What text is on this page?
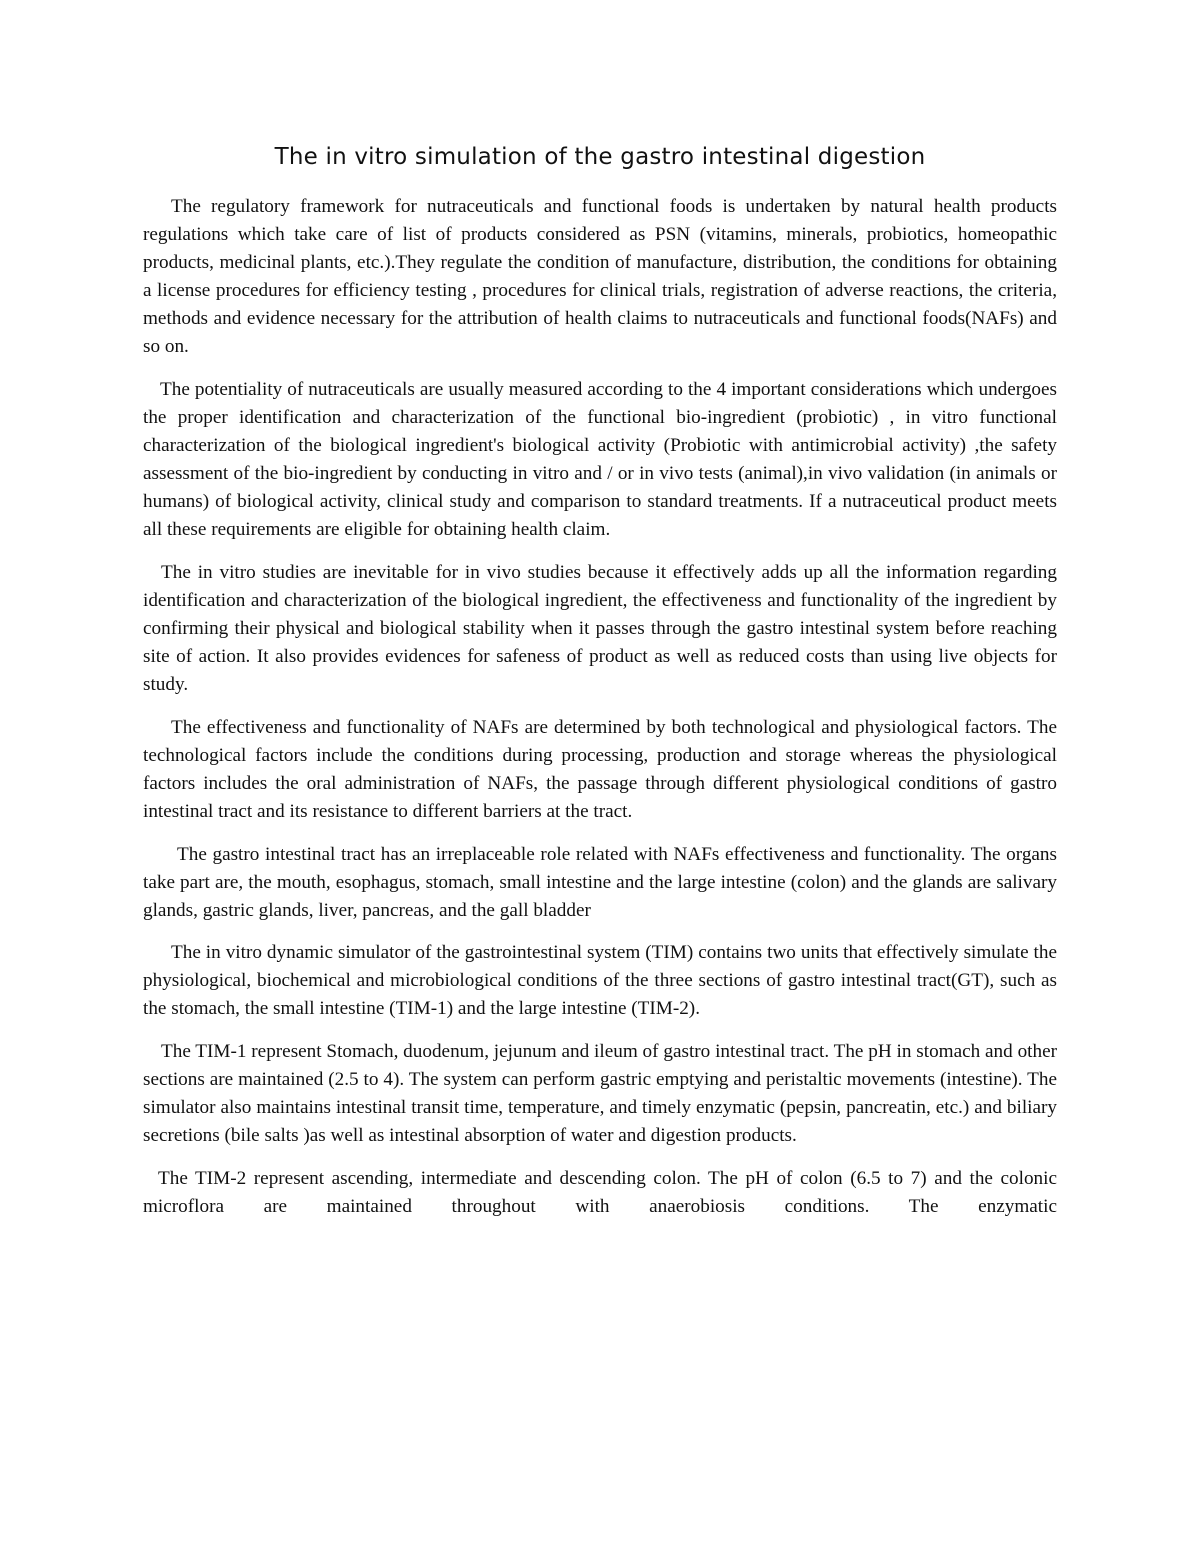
The in vitro simulation of the gastro intestinal digestion

The regulatory framework for nutraceuticals and functional foods is undertaken by natural health products regulations which take care of list of products considered as PSN (vitamins, minerals, probiotics, homeopathic products, medicinal plants, etc.).They regulate the condition of manufacture, distribution, the conditions for obtaining a license procedures for efficiency testing , procedures for clinical trials, registration of adverse reactions, the criteria, methods and evidence necessary for the attribution of health claims to nutraceuticals and functional foods(NAFs) and so on.

The potentiality of nutraceuticals are usually measured according to the 4 important considerations which undergoes the proper identification and characterization of the functional bio-ingredient (probiotic) , in vitro functional characterization of the biological ingredient's biological activity (Probiotic with antimicrobial activity) ,the safety assessment of the bio-ingredient by conducting in vitro and / or in vivo tests (animal),in vivo validation (in animals or humans) of biological activity, clinical study and comparison to standard treatments. If a nutraceutical product meets all these requirements are eligible for obtaining health claim.

The in vitro studies are inevitable for in vivo studies because it effectively adds up all the information regarding identification and characterization of the biological ingredient, the effectiveness and functionality of the ingredient by confirming their physical and biological stability when it passes through the gastro intestinal system before reaching site of action. It also provides evidences for safeness of product as well as reduced costs than using live objects for study.

The effectiveness and functionality of NAFs are determined by both technological and physiological factors. The technological factors include the conditions during processing, production and storage whereas the physiological factors includes the oral administration of NAFs, the passage through different physiological conditions of gastro intestinal tract and its resistance to different barriers at the tract.

The gastro intestinal tract has an irreplaceable role related with NAFs effectiveness and functionality. The organs take part are, the mouth, esophagus, stomach, small intestine and the large intestine (colon) and the glands are salivary glands, gastric glands, liver, pancreas, and the gall bladder

The in vitro dynamic simulator of the gastrointestinal system (TIM) contains two units that effectively simulate the physiological, biochemical and microbiological conditions of the three sections of gastro intestinal tract(GT), such as the stomach, the small intestine (TIM-1) and the large intestine (TIM-2).

The TIM-1 represent Stomach, duodenum, jejunum and ileum of gastro intestinal tract. The pH in stomach and other sections are maintained (2.5 to 4). The system can perform gastric emptying and peristaltic movements (intestine). The simulator also maintains intestinal transit time, temperature, and timely enzymatic (pepsin, pancreatin, etc.) and biliary secretions (bile salts )as well as intestinal absorption of water and digestion products.

The TIM-2 represent ascending, intermediate and descending colon. The pH of colon (6.5 to 7) and the colonic microflora are maintained throughout with anaerobiosis conditions. The enzymatic
